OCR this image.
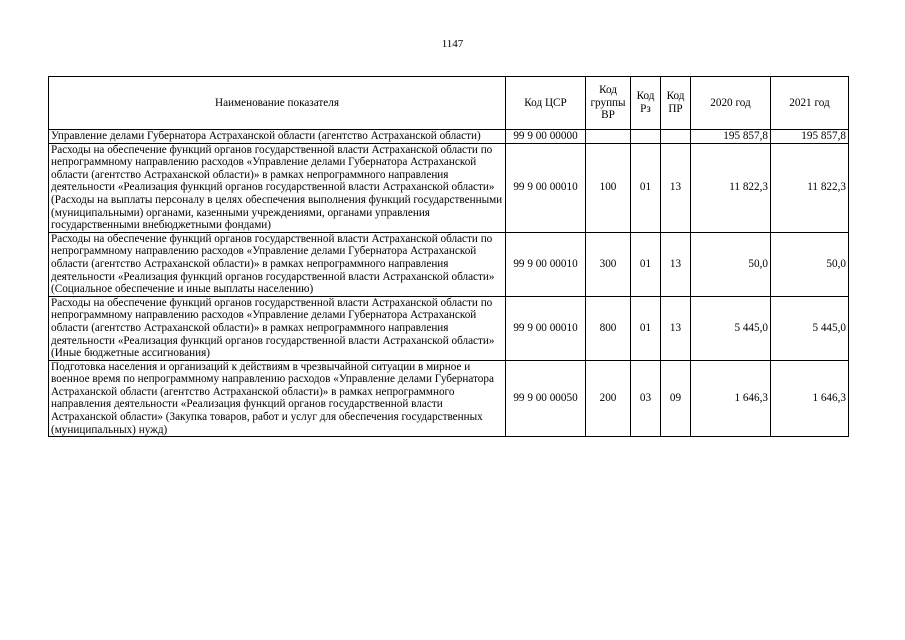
1147
Наименование показателя	Код ЦСР	Код группы ВР	Код Рз	Код ПР	2020 год	2021 год
Управление делами Губернатора Астраханской области (агентство Астраханской области)	99 9 00 00000				195 857,8	195 857,8
Расходы на обеспечение функций органов государственной власти Астраханской области по непрограммному направлению расходов «Управление делами Губернатора Астраханской области (агентство Астраханской области)» в рамках непрограммного направления деятельности «Реализация функций органов государственной власти Астраханской области» (Расходы на выплаты персоналу в целях обеспечения выполнения функций государственными (муниципальными) органами, казенными учреждениями, органами управления государственными внебюджетными фондами)	99 9 00 00010	100	01	13	11 822,3	11 822,3
Расходы на обеспечение функций органов государственной власти Астраханской области по непрограммному направлению расходов «Управление делами Губернатора Астраханской области (агентство Астраханской области)» в рамках непрограммного направления деятельности «Реализация функций органов государственной власти Астраханской области» (Социальное обеспечение и иные выплаты населению)	99 9 00 00010	300	01	13	50,0	50,0
Расходы на обеспечение функций органов государственной власти Астраханской области по непрограммному направлению расходов «Управление делами Губернатора Астраханской области (агентство Астраханской области)» в рамках непрограммного направления деятельности «Реализация функций органов государственной власти Астраханской области» (Иные бюджетные ассигнования)	99 9 00 00010	800	01	13	5 445,0	5 445,0
Подготовка населения и организаций к действиям в чрезвычайной ситуации в мирное и военное время по непрограммному направлению расходов «Управление делами Губернатора Астраханской области (агентство Астраханской области)» в рамках непрограммного направления деятельности «Реализация функций органов государственной власти Астраханской области» (Закупка товаров, работ и услуг для обеспечения государственных (муниципальных) нужд)	99 9 00 00050	200	03	09	1 646,3	1 646,3
